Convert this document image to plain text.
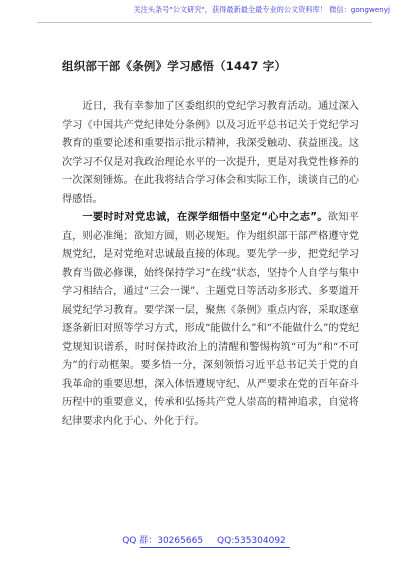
关注头条号"公文研究"，获得最新最全最专业的公文资料库！ 微信：gongwenyj
组织部干部《条例》学习感悟（1447 字）

近日，我有幸参加了区委组织的党纪学习教育活动。通过深入学习《中国共产党纪律处分条例》以及习近平总书记关于党纪学习教育的重要论述和重要指示批示精神，我深受触动、获益匪浅。这次学习不仅是对我政治理论水平的一次提升，更是对我党性修养的一次深刻锤炼。在此我将结合学习体会和实际工作，谈谈自己的心得感悟。

一要时时对党忠诚，在深学细悟中坚定“心中之志”。欲知平直，则必准绳；欲知方圆，则必规矩。作为组织部干部严格遵守党规党纪，是对党绝对忠诚最直接的体现。要先学一步，把党纪学习教育当做必修课，始终保持学习“在线”状态，坚持个人自学与集中学习相结合，通过“三会一课”、主题党日等活动多形式、多要道开展党纪学习教育。要学深一层，聚焦《条例》重点内容，采取逐章逐条新旧对照等学习方式，形成“能做什么”和“不能做什么”的党纪党规知识谱系，时时保持政治上的清醒和警惕构筑“可为”和“不可为”的行动框架。要多悟一分，深刻领悟习近平总书记关于党的自我革命的重要思想，深入体悟遵规守纪、从严要求在党的百年奋斗历程中的重要意义，传承和弘扬共产党人崇高的精神追求，自觉将纪律要求内化于心、外化于行。

QQ 群：30265665 QQ:535304092
